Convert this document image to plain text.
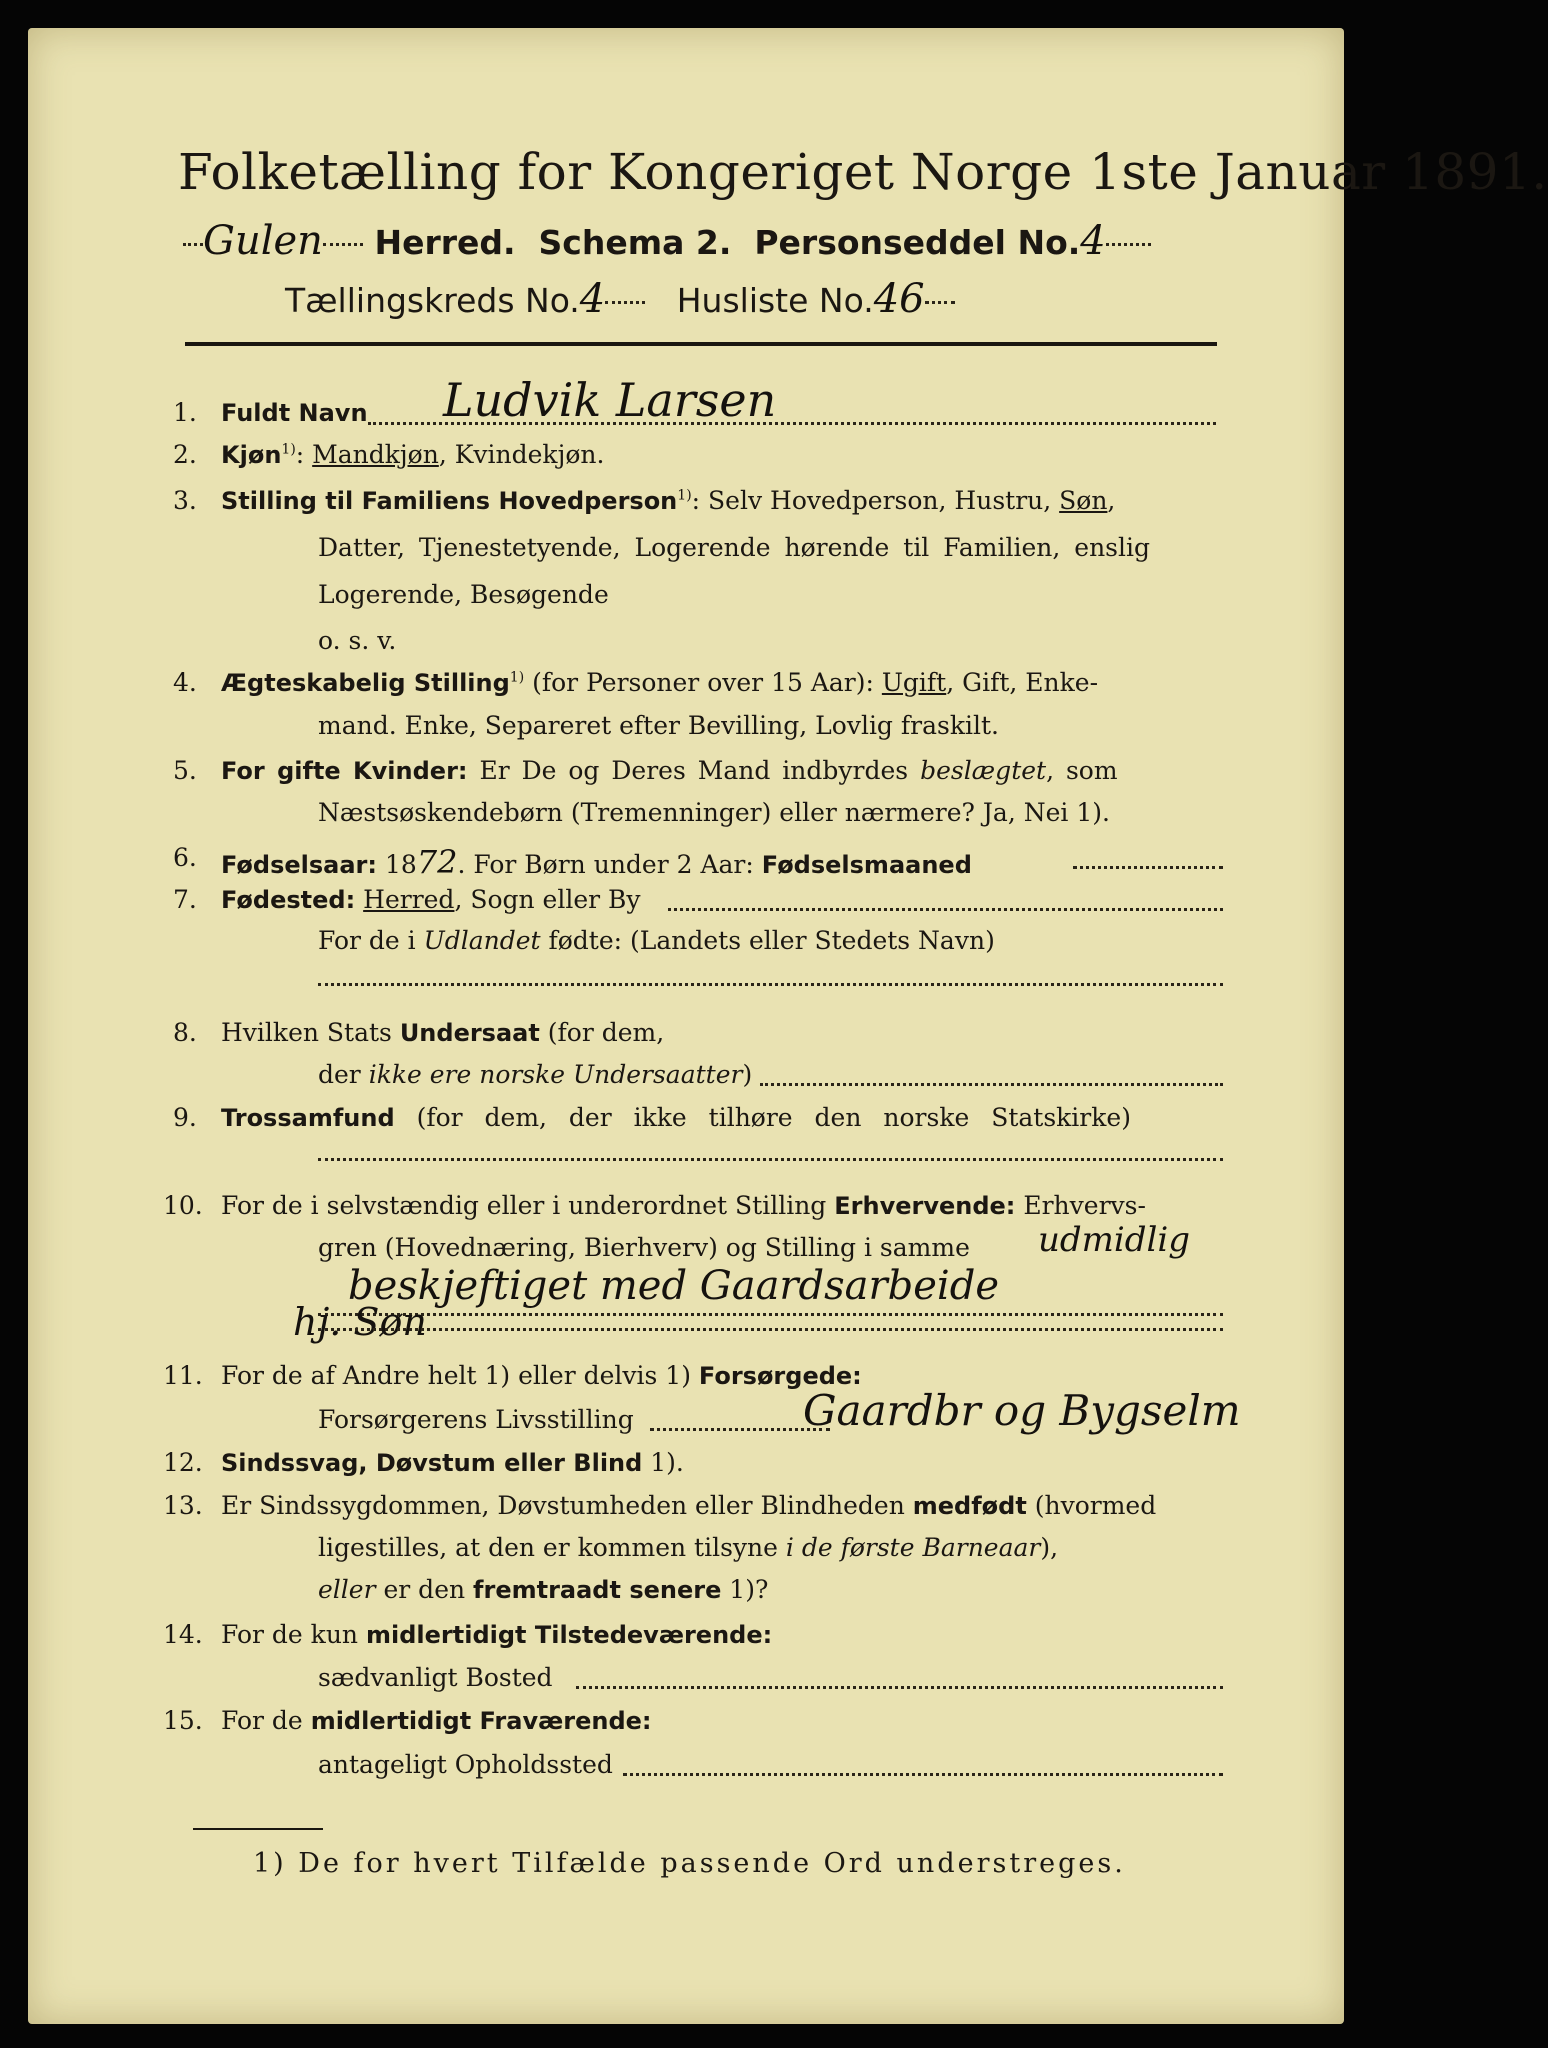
Folketælling for Kongeriget Norge 1ste Januar 1891.
Gulen Herred. Schema 2. Personseddel No.4
Tællingskreds No.4 Husliste No.46
1. Fuldt Navn Ludvik Larsen
2. Kjøn$^{1)}$: Mandkjøn, Kvindekjøn.
3. Stilling til Familiens Hovedperson$^{1)}$: Selv Hovedperson, Hustru, Søn,
Datter, Tjenestetyende, Logerende hørende til Familien, enslig
Logerende, Besøgende
o. s. v.
4. Ægteskabelig Stilling$^{1)}$ (for Personer over 15 Aar): Ugift, Gift, Enke-
mand. Enke, Separeret efter Bevilling, Lovlig fraskilt.
5. For gifte Kvinder: Er De og Deres Mand indbyrdes beslægtet, som
Næstsøskendebørn (Tremenninger) eller nærmere? Ja, Nei 1).
6. Fødselsaar: 1872. For Børn under 2 Aar: Fødselsmaaned
7. Fødested: Herred, Sogn eller By
For de i Udlandet fødte: (Landets eller Stedets Navn)
8. Hvilken Stats Undersaat (for dem,
der ikke ere norske Undersaatter)
9. Trossamfund (for dem, der ikke tilhøre den norske Statskirke)
10. For de i selvstændig eller i underordnet Stilling Erhvervende: Erhvervs-
gren (Hovednæring, Bierhverv) og Stilling i samme udmidlig
beskjeftiget med Gaardsarbeide
hj. Søn
11. For de af Andre helt 1) eller delvis 1) Forsørgede:
Forsørgerens Livsstilling	Gaardbr og Bygselm
12. Sindssvag, Døvstum eller Blind 1).
13. Er Sindssygdommen, Døvstumheden eller Blindheden medfødt (hvormed
ligestilles, at den er kommen tilsyne i de første Barneaar),
eller er den fremtraadt senere 1)?
14. For de kun midlertidigt Tilstedeværende:
sædvanligt Bosted
15. For de midlertidigt Fraværende:
antageligt Opholdssted
1) De for hvert Tilfælde passende Ord understreges.
